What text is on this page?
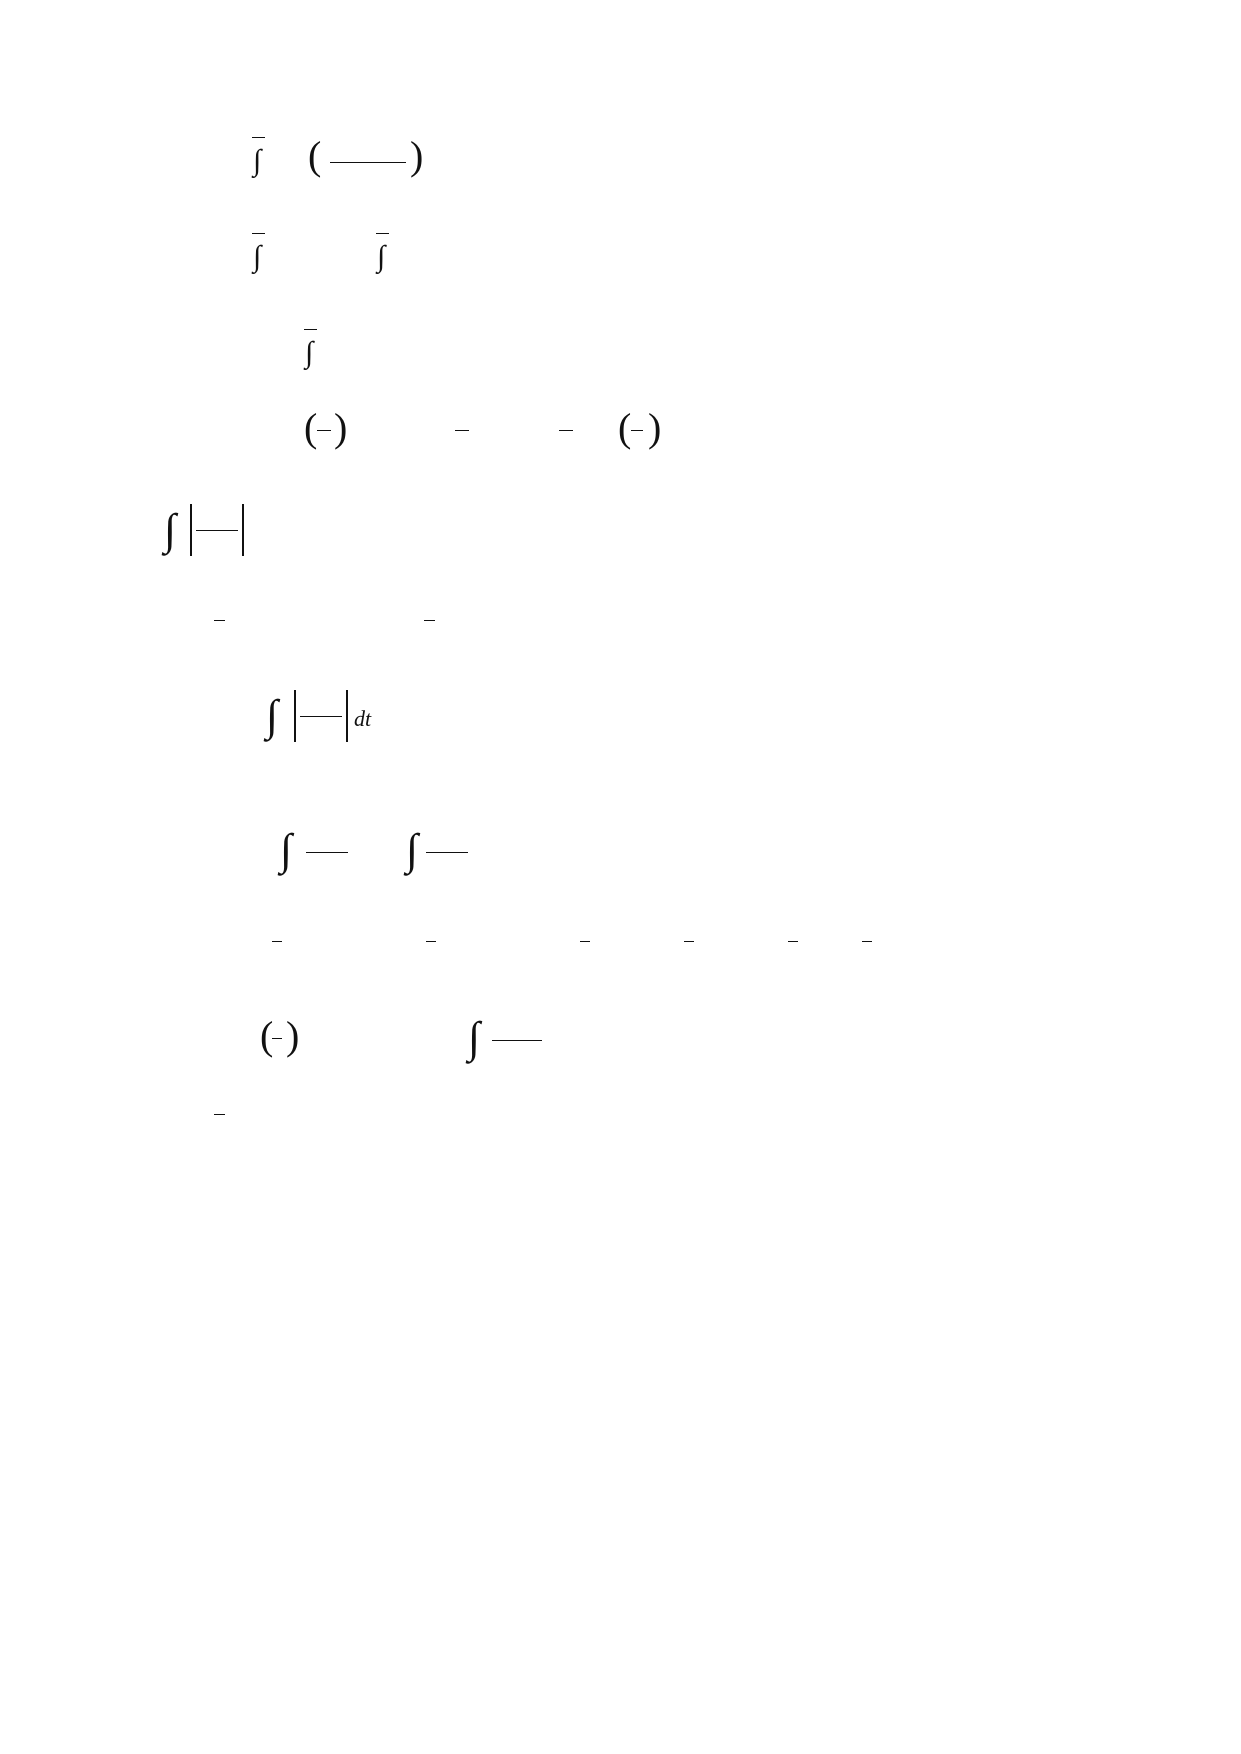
∫ ( )
∫	∫
∫
( )	( )
∫

∫	dt
∫	∫
( )	∫
